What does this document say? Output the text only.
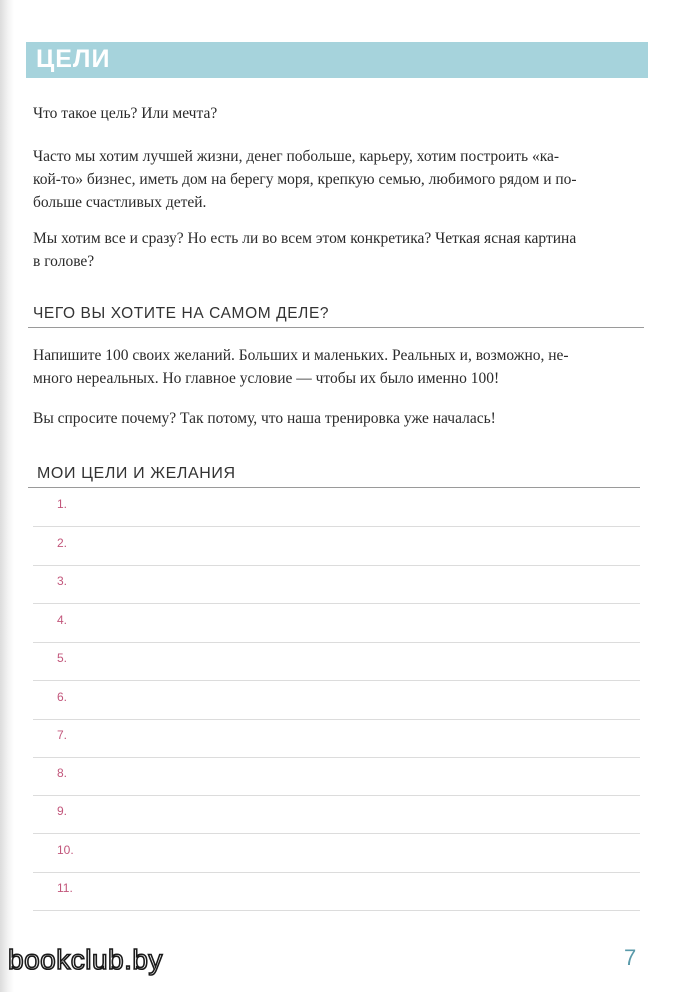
ЦЕЛИ

Что такое цель? Или мечта?

Часто мы хотим лучшей жизни, денег побольше, карьеру, хотим построить «ка-

кой-то» бизнес, иметь дом на берегу моря, крепкую семью, любимого рядом и по-

больше счастливых детей.

Мы хотим все и сразу? Но есть ли во всем этом конкретика? Четкая ясная картина

в голове?

ЧЕГО ВЫ ХОТИТЕ НА САМОМ ДЕЛЕ?

Напишите 100 своих желаний. Больших и маленьких. Реальных и, возможно, не-

много нереальных. Но главное условие — чтобы их было именно 100!

Вы спросите почему? Так потому, что наша тренировка уже началась!

МОИ ЦЕЛИ И ЖЕЛАНИЯ
1.
2.
3.
4.
5.
6.
7.
8.
9.
10.
11.
bookclub.by	7
